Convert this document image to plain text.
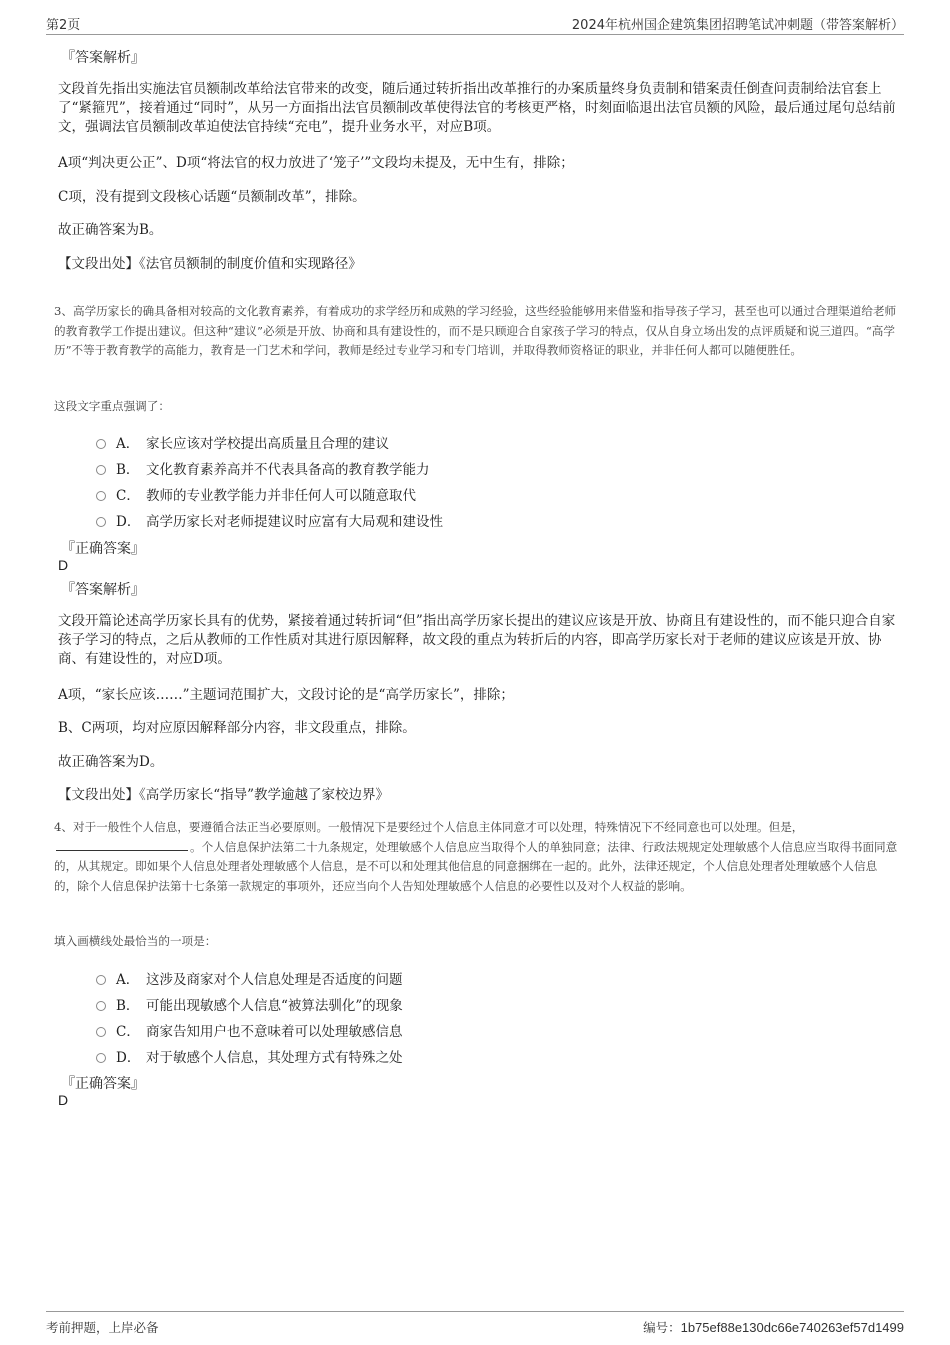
第2页	2024年杭州国企建筑集团招聘笔试冲刺题（带答案解析）
『答案解析』
文段首先指出实施法官员额制改革给法官带来的改变，随后通过转折指出改革推行的办案质量终身负责制和错案责任倒查问责制给法官套上了“紧箍咒”，接着通过“同时”，从另一方面指出法官员额制改革使得法官的考核更严格，时刻面临退出法官员额的风险，最后通过尾句总结前文，强调法官员额制改革迫使法官持续“充电”，提升业务水平，对应B项。
A项“判决更公正”、D项“将法官的权力放进了‘笼子’”文段均未提及，无中生有，排除；
C项，没有提到文段核心话题“员额制改革”，排除。
故正确答案为B。
【文段出处】《法官员额制的制度价值和实现路径》
3、高学历家长的确具备相对较高的文化教育素养，有着成功的求学经历和成熟的学习经验，这些经验能够用来借鉴和指导孩子学习，甚至也可以通过合理渠道给老师的教育教学工作提出建议。但这种“建议”必须是开放、协商和具有建设性的，而不是只顾迎合自家孩子学习的特点，仅从自身立场出发的点评质疑和说三道四。“高学历”不等于教育教学的高能力，教育是一门艺术和学问，教师是经过专业学习和专门培训，并取得教师资格证的职业，并非任何人都可以随便胜任。
这段文字重点强调了：
A． 家长应该对学校提出高质量且合理的建议
B． 文化教育素养高并不代表具备高的教育教学能力
C． 教师的专业教学能力并非任何人可以随意取代
D． 高学历家长对老师提建议时应富有大局观和建设性
『正确答案』
D
『答案解析』
文段开篇论述高学历家长具有的优势，紧接着通过转折词“但”指出高学历家长提出的建议应该是开放、协商且有建设性的，而不能只迎合自家孩子学习的特点，之后从教师的工作性质对其进行原因解释，故文段的重点为转折后的内容，即高学历家长对于老师的建议应该是开放、协商、有建设性的，对应D项。
A项，“家长应该……”主题词范围扩大，文段讨论的是“高学历家长”，排除；
B、C两项，均对应原因解释部分内容，非文段重点，排除。
故正确答案为D。
【文段出处】《高学历家长“指导”教学逾越了家校边界》
4、对于一般性个人信息，要遵循合法正当必要原则。一般情况下是要经过个人信息主体同意才可以处理，特殊情况下不经同意也可以处理。但是，。个人信息保护法第二十九条规定，处理敏感个人信息应当取得个人的单独同意；法律、行政法规规定处理敏感个人信息应当取得书面同意的，从其规定。即如果个人信息处理者处理敏感个人信息，是不可以和处理其他信息的同意捆绑在一起的。此外，法律还规定，个人信息处理者处理敏感个人信息的，除个人信息保护法第十七条第一款规定的事项外，还应当向个人告知处理敏感个人信息的必要性以及对个人权益的影响。
填入画横线处最恰当的一项是：
A． 这涉及商家对个人信息处理是否适度的问题
B． 可能出现敏感个人信息“被算法驯化”的现象
C． 商家告知用户也不意味着可以处理敏感信息
D． 对于敏感个人信息，其处理方式有特殊之处
『正确答案』
D
考前押题，上岸必备	编号：1b75ef88e130dc66e740263ef57d1499
